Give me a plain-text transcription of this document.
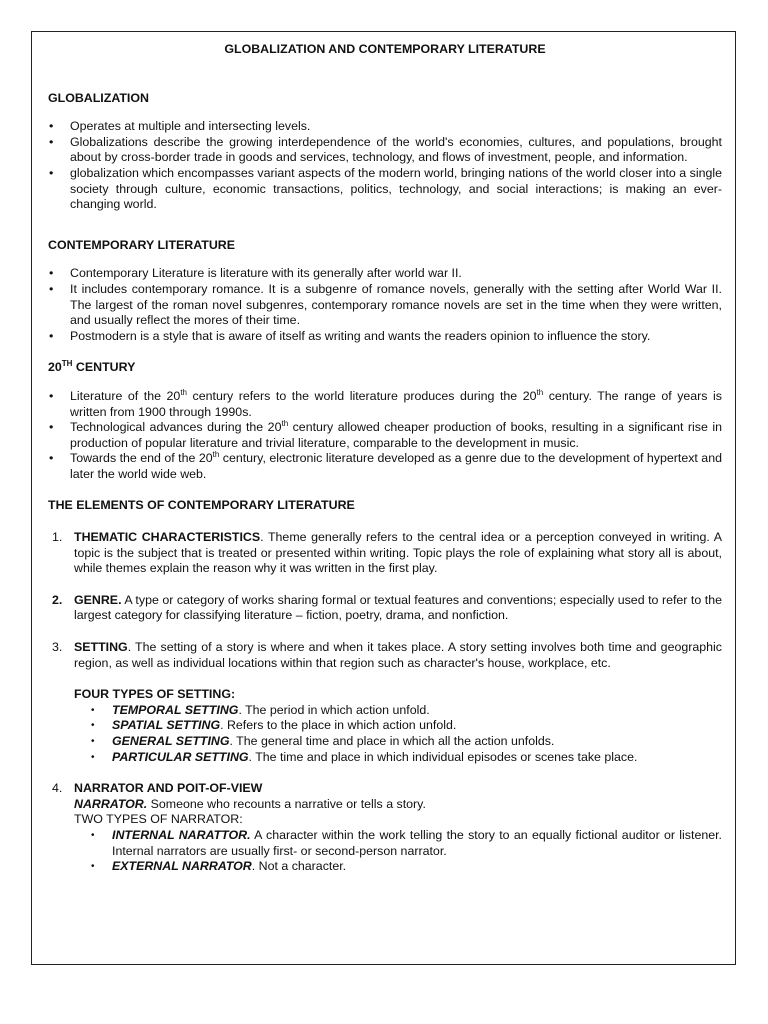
GLOBALIZATION AND CONTEMPORARY LITERATURE
GLOBALIZATION
• Operates at multiple and intersecting levels.
• Globalizations describe the growing interdependence of the world's economies, cultures, and populations, brought about by cross-border trade in goods and services, technology, and flows of investment, people, and information.
• globalization which encompasses variant aspects of the modern world, bringing nations of the world closer into a single society through culture, economic transactions, politics, technology, and social interactions; is making an ever-changing world.
CONTEMPORARY LITERATURE
• Contemporary Literature is literature with its generally after world war II.
• It includes contemporary romance. It is a subgenre of romance novels, generally with the setting after World War II. The largest of the roman novel subgenres, contemporary romance novels are set in the time when they were written, and usually reflect the mores of their time.
• Postmodern is a style that is aware of itself as writing and wants the readers opinion to influence the story.
20TH CENTURY
• Literature of the 20th century refers to the world literature produces during the 20th century. The range of years is written from 1900 through 1990s.
• Technological advances during the 20th century allowed cheaper production of books, resulting in a significant rise in production of popular literature and trivial literature, comparable to the development in music.
• Towards the end of the 20th century, electronic literature developed as a genre due to the development of hypertext and later the world wide web.
THE ELEMENTS OF CONTEMPORARY LITERATURE
1. THEMATIC CHARACTERISTICS. Theme generally refers to the central idea or a perception conveyed in writing. A topic is the subject that is treated or presented within writing. Topic plays the role of explaining what story all is about, while themes explain the reason why it was written in the first play.
2. GENRE. A type or category of works sharing formal or textual features and conventions; especially used to refer to the largest category for classifying literature – fiction, poetry, drama, and nonfiction.
3. SETTING. The setting of a story is where and when it takes place. A story setting involves both time and geographic region, as well as individual locations within that region such as character's house, workplace, etc.
FOUR TYPES OF SETTING:
• TEMPORAL SETTING. The period in which action unfold.
• SPATIAL SETTING. Refers to the place in which action unfold.
• GENERAL SETTING. The general time and place in which all the action unfolds.
• PARTICULAR SETTING. The time and place in which individual episodes or scenes take place.
4. NARRATOR AND POIT-OF-VIEW
NARRATOR. Someone who recounts a narrative or tells a story.
TWO TYPES OF NARRATOR:
• INTERNAL NARATTOR. A character within the work telling the story to an equally fictional auditor or listener. Internal narrators are usually first- or second-person narrator.
• EXTERNAL NARRATOR. Not a character.
